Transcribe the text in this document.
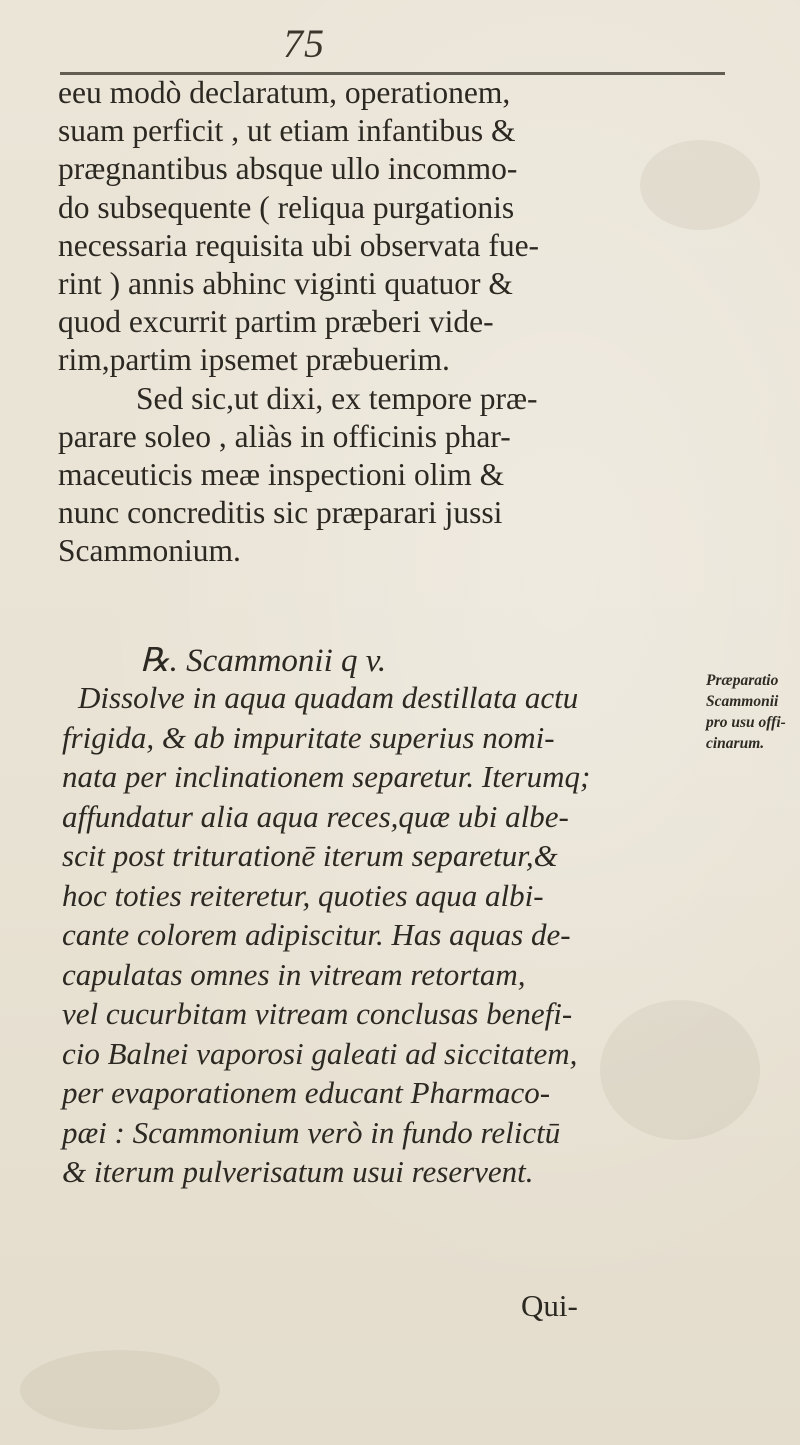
75
eeu modò declaratum, operationem,
suam perficit , ut etiam infantibus &
prægnantibus absque ullo incommo-
do subsequente ( reliqua purgationis
necessaria requisita ubi observata fue-
rint ) annis abhinc viginti quatuor &
quod excurrit partim præberi vide-
rim,partim ipsemet præbuerim.
Sed sic,ut dixi, ex tempore præ-
parare soleo , aliàs in officinis phar-
maceuticis meæ inspectioni olim &
nunc concreditis sic præparari jussi
Scammonium.
℞. Scammonii q v.
Dissolve in aqua quadam destillata actu
frigida, & ab impuritate superius nomi-
nata per inclinationem separetur. Iterumq;
affundatur alia aqua reces,quæ ubi albe-
scit post triturationē iterum separetur,&
hoc toties reiteretur, quoties aqua albi-
cante colorem adipiscitur. Has aquas de-
capulatas omnes in vitream retortam,
vel cucurbitam vitream conclusas benefi-
cio Balnei vaporosi galeati ad siccitatem,
per evaporationem educant Pharmaco-
pæi : Scammonium verò in fundo relictū
& iterum pulverisatum usui reservent.
Qui-
Præparatio
Scammonii
pro usu offi-
cinarum.
